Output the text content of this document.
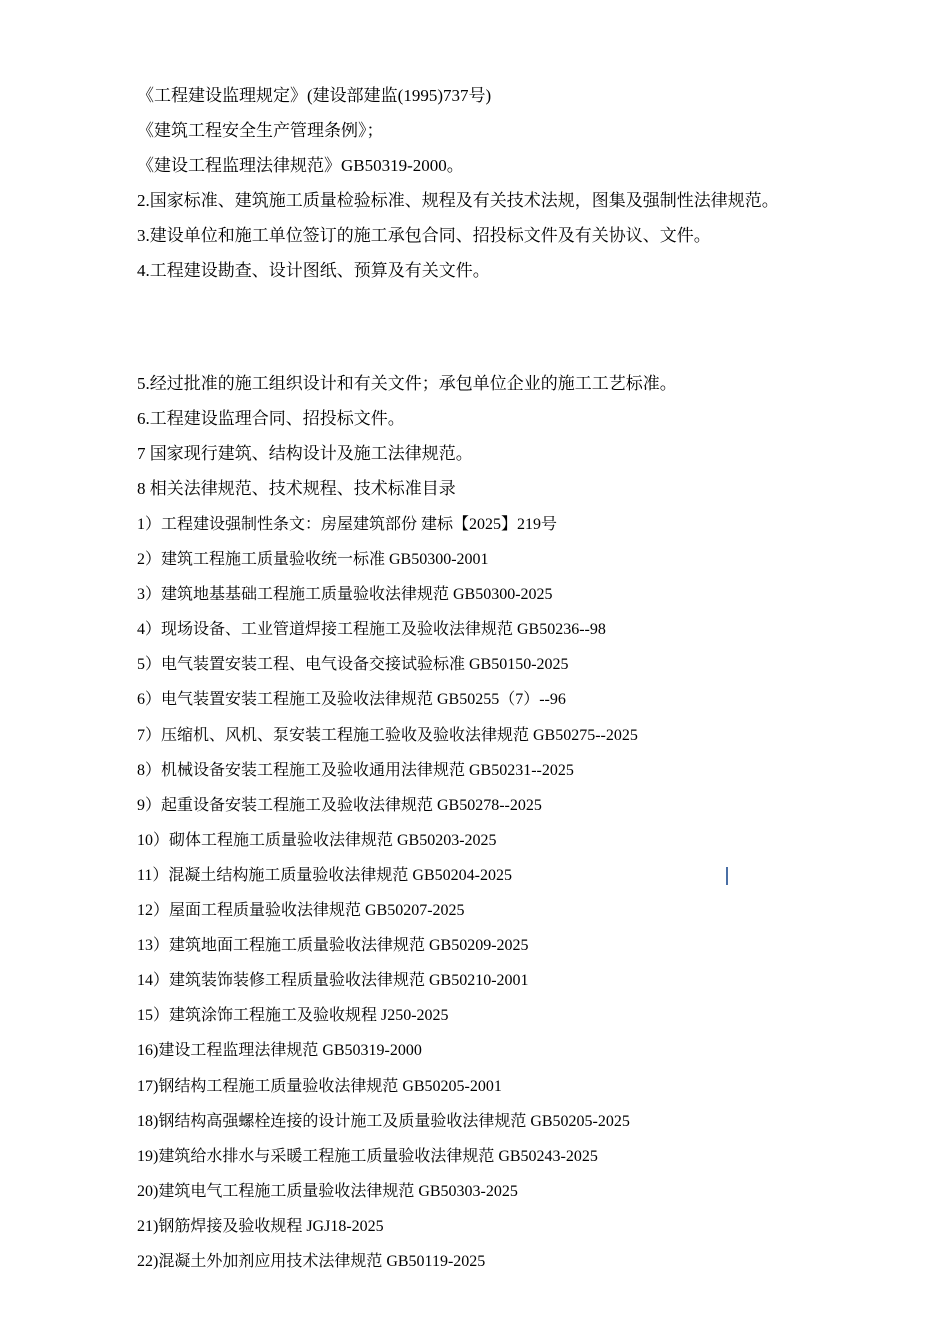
《工程建设监理规定》(建设部建监(1995)737号)
《建筑工程安全生产管理条例》；
《建设工程监理法律规范》GB50319-2000。
2.国家标准、建筑施工质量检验标准、规程及有关技术法规，图集及强制性法律规范。
3.建设单位和施工单位签订的施工承包合同、招投标文件及有关协议、文件。
4.工程建设勘查、设计图纸、预算及有关文件。
5.经过批准的施工组织设计和有关文件；承包单位企业的施工工艺标准。
6.工程建设监理合同、招投标文件。
7 国家现行建筑、结构设计及施工法律规范。
8 相关法律规范、技术规程、技术标准目录
1）工程建设强制性条文：房屋建筑部份 建标【2025】219号
2）建筑工程施工质量验收统一标准 GB50300-2001
3）建筑地基基础工程施工质量验收法律规范 GB50300-2025
4）现场设备、工业管道焊接工程施工及验收法律规范 GB50236--98
5）电气装置安装工程、电气设备交接试验标准 GB50150-2025
6）电气装置安装工程施工及验收法律规范 GB50255（7）--96
7）压缩机、风机、泵安装工程施工验收及验收法律规范 GB50275--2025
8）机械设备安装工程施工及验收通用法律规范 GB50231--2025
9）起重设备安装工程施工及验收法律规范 GB50278--2025
10）砌体工程施工质量验收法律规范 GB50203-2025
11）混凝土结构施工质量验收法律规范 GB50204-2025
12）屋面工程质量验收法律规范 GB50207-2025
13）建筑地面工程施工质量验收法律规范 GB50209-2025
14）建筑装饰装修工程质量验收法律规范 GB50210-2001
15）建筑涂饰工程施工及验收规程 J250-2025
16)建设工程监理法律规范 GB50319-2000
17)钢结构工程施工质量验收法律规范 GB50205-2001
18)钢结构高强螺栓连接的设计施工及质量验收法律规范 GB50205-2025
19)建筑给水排水与采暖工程施工质量验收法律规范 GB50243-2025
20)建筑电气工程施工质量验收法律规范 GB50303-2025
21)钢筋焊接及验收规程 JGJ18-2025
22)混凝土外加剂应用技术法律规范 GB50119-2025
